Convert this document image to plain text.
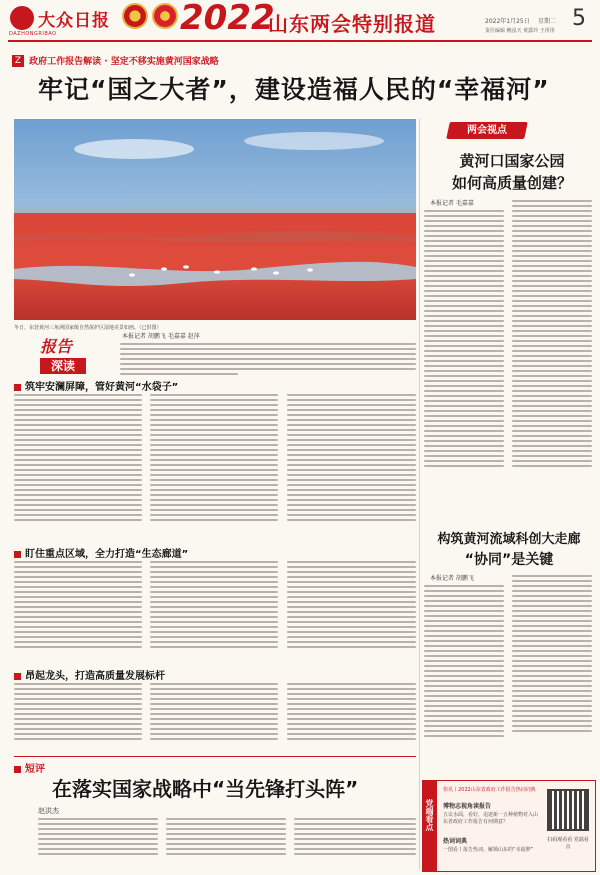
大众日报
DAZHONGRIBAO	2022
山东两会特别报道	2022年1月25日 星期二
责任编辑 鲍泓天 黄露玲 王彤彤 5
Z 政府工作报告解读 · 坚定不移实施黄河国家战略
牢记“国之大者”，建设造福人民的“幸福河”
冬日，东营黄河三角洲国家级自然保护区湿地美景如画。（已供图）
本报记者 胡鹏飞 毛嘉嘉 赵萍
报告
深读
筑牢安澜屏障，管好黄河“水袋子”
盯住重点区域，全力打造“生态廊道”
昂起龙头，打造高质量发展标杆
短评
在落实国家战略中“当先锋打头阵”
赵洪杰
两会视点
黄河口国家公园
如何高质量创建？
本报记者 毛嘉嘉
构筑黄河流域科创大走廊
“协同”是关键
本报记者 胡鹏飞
党端看点
快讯丨2022山东省政府工作报告热词词典
博物志视角读报告
五议水面，看好，追逐新一五种植物对入山东省政府工作报告有何期意？
热词词典
一图看丨报告热词、解锁山东的“幸福梦”
扫码观看看 党端看点
